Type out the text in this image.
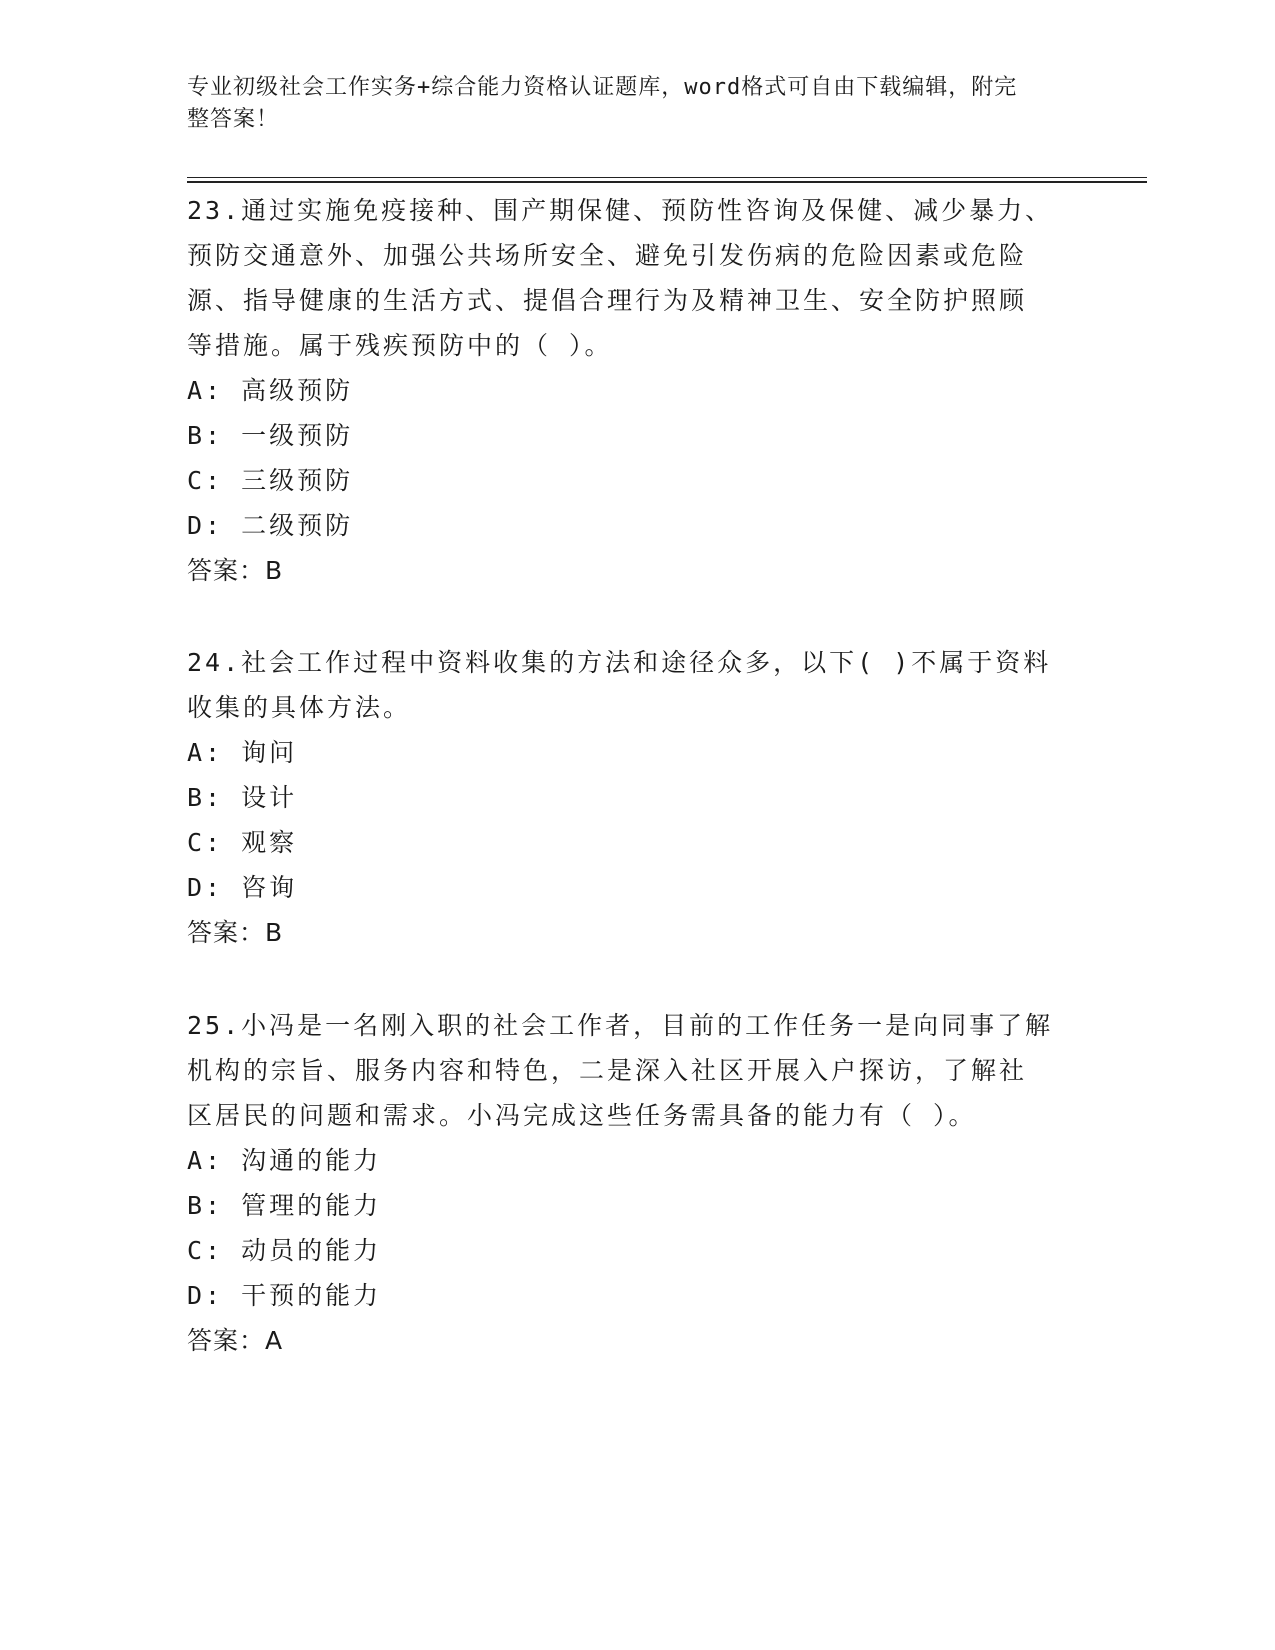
专业初级社会工作实务+综合能力资格认证题库，word格式可自由下载编辑，附完
整答案！

23.通过实施免疫接种、围产期保健、预防性咨询及保健、减少暴力、

预防交通意外、加强公共场所安全、避免引发伤病的危险因素或危险

源、指导健康的生活方式、提倡合理行为及精神卫生、安全防护照顾

等措施。属于残疾预防中的（ ）。

A: 高级预防

B: 一级预防

C: 三级预防

D: 二级预防

答案：B

24.社会工作过程中资料收集的方法和途径众多，以下( )不属于资料

收集的具体方法。

A: 询问

B: 设计

C: 观察

D: 咨询

答案：B

25.小冯是一名刚入职的社会工作者，目前的工作任务一是向同事了解

机构的宗旨、服务内容和特色，二是深入社区开展入户探访，了解社

区居民的问题和需求。小冯完成这些任务需具备的能力有（ ）。

A: 沟通的能力

B: 管理的能力

C: 动员的能力

D: 干预的能力

答案：A
